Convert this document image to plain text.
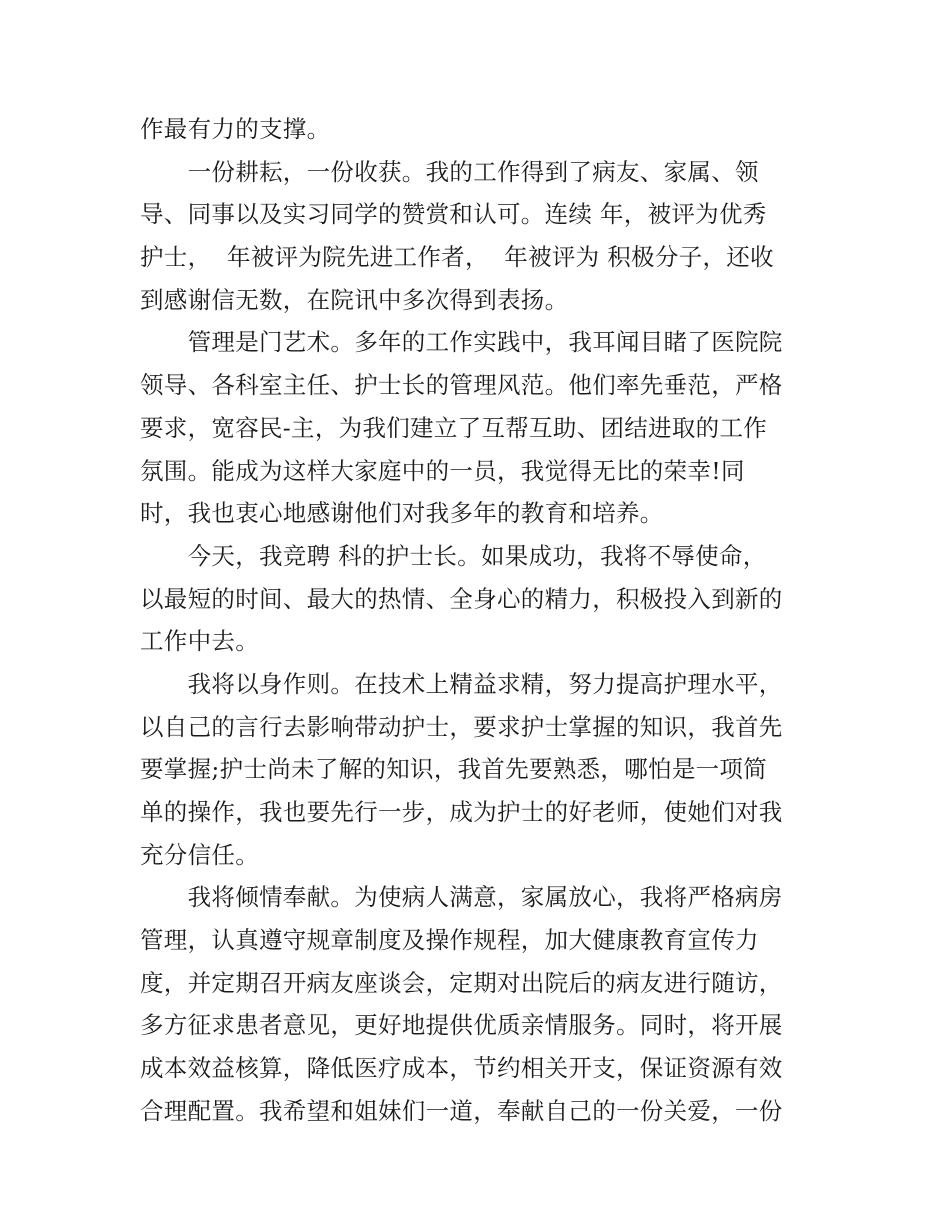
作最有力的支撑。
　　一份耕耘，一份收获。我的工作得到了病友、家属、领
导、同事以及实习同学的赞赏和认可。连续 年，被评为优秀
护士，  年被评为院先进工作者，  年被评为 积极分子，还收
到感谢信无数，在院讯中多次得到表扬。
　　管理是门艺术。多年的工作实践中，我耳闻目睹了医院院
领导、各科室主任、护士长的管理风范。他们率先垂范，严格
要求，宽容民-主，为我们建立了互帮互助、团结进取的工作
氛围。能成为这样大家庭中的一员，我觉得无比的荣幸!同
时，我也衷心地感谢他们对我多年的教育和培养。
　　今天，我竞聘 科的护士长。如果成功，我将不辱使命，
以最短的时间、最大的热情、全身心的精力，积极投入到新的
工作中去。
　　我将以身作则。在技术上精益求精，努力提高护理水平，
以自己的言行去影响带动护士，要求护士掌握的知识，我首先
要掌握;护士尚未了解的知识，我首先要熟悉，哪怕是一项简
单的操作，我也要先行一步，成为护士的好老师，使她们对我
充分信任。
　　我将倾情奉献。为使病人满意，家属放心，我将严格病房
管理，认真遵守规章制度及操作规程，加大健康教育宣传力
度，并定期召开病友座谈会，定期对出院后的病友进行随访，
多方征求患者意见，更好地提供优质亲情服务。同时，将开展
成本效益核算，降低医疗成本，节约相关开支，保证资源有效
合理配置。我希望和姐妹们一道，奉献自己的一份关爱，一份
